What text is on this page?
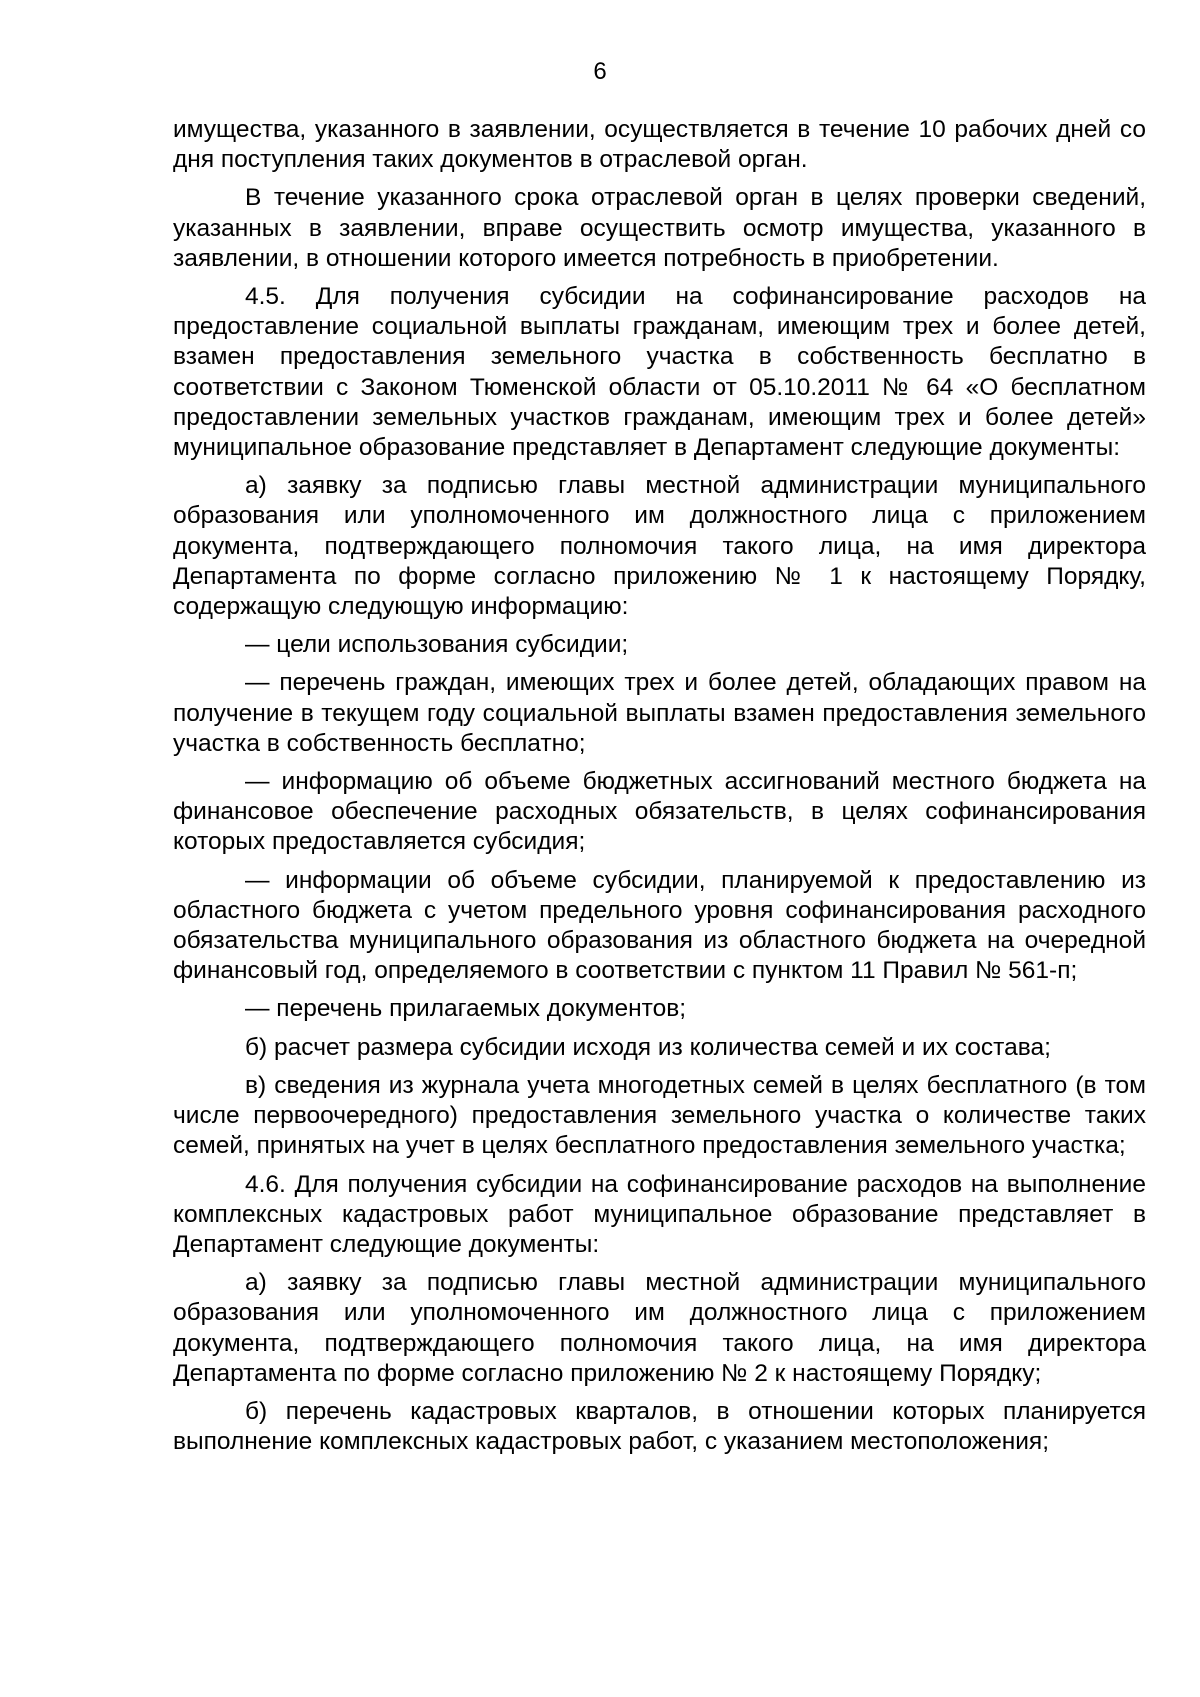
6

имущества, указанного в заявлении, осуществляется в течение 10 рабочих дней со дня поступления таких документов в отраслевой орган.

В течение указанного срока отраслевой орган в целях проверки сведений, указанных в заявлении, вправе осуществить осмотр имущества, указанного в заявлении, в отношении которого имеется потребность в приобретении.

4.5. Для получения субсидии на софинансирование расходов на предоставление социальной выплаты гражданам, имеющим трех и более детей, взамен предоставления земельного участка в собственность бесплатно в соответствии с Законом Тюменской области от 05.10.2011 № 64 «О бесплатном предоставлении земельных участков гражданам, имеющим трех и более детей» муниципальное образование представляет в Департамент следующие документы:

а) заявку за подписью главы местной администрации муниципального образования или уполномоченного им должностного лица с приложением документа, подтверждающего полномочия такого лица, на имя директора Департамента по форме согласно приложению № 1 к настоящему Порядку, содержащую следующую информацию:

— цели использования субсидии;

— перечень граждан, имеющих трех и более детей, обладающих правом на получение в текущем году социальной выплаты взамен предоставления земельного участка в собственность бесплатно;

— информацию об объеме бюджетных ассигнований местного бюджета на финансовое обеспечение расходных обязательств, в целях софинансирования которых предоставляется субсидия;

— информации об объеме субсидии, планируемой к предоставлению из областного бюджета с учетом предельного уровня софинансирования расходного обязательства муниципального образования из областного бюджета на очередной финансовый год, определяемого в соответствии с пунктом 11 Правил № 561-п;

— перечень прилагаемых документов;

б) расчет размера субсидии исходя из количества семей и их состава;

в) сведения из журнала учета многодетных семей в целях бесплатного (в том числе первоочередного) предоставления земельного участка о количестве таких семей, принятых на учет в целях бесплатного предоставления земельного участка;

4.6. Для получения субсидии на софинансирование расходов на выполнение комплексных кадастровых работ муниципальное образование представляет в Департамент следующие документы:

а) заявку за подписью главы местной администрации муниципального образования или уполномоченного им должностного лица с приложением документа, подтверждающего полномочия такого лица, на имя директора Департамента по форме согласно приложению № 2 к настоящему Порядку;

б) перечень кадастровых кварталов, в отношении которых планируется выполнение комплексных кадастровых работ, с указанием местоположения;
